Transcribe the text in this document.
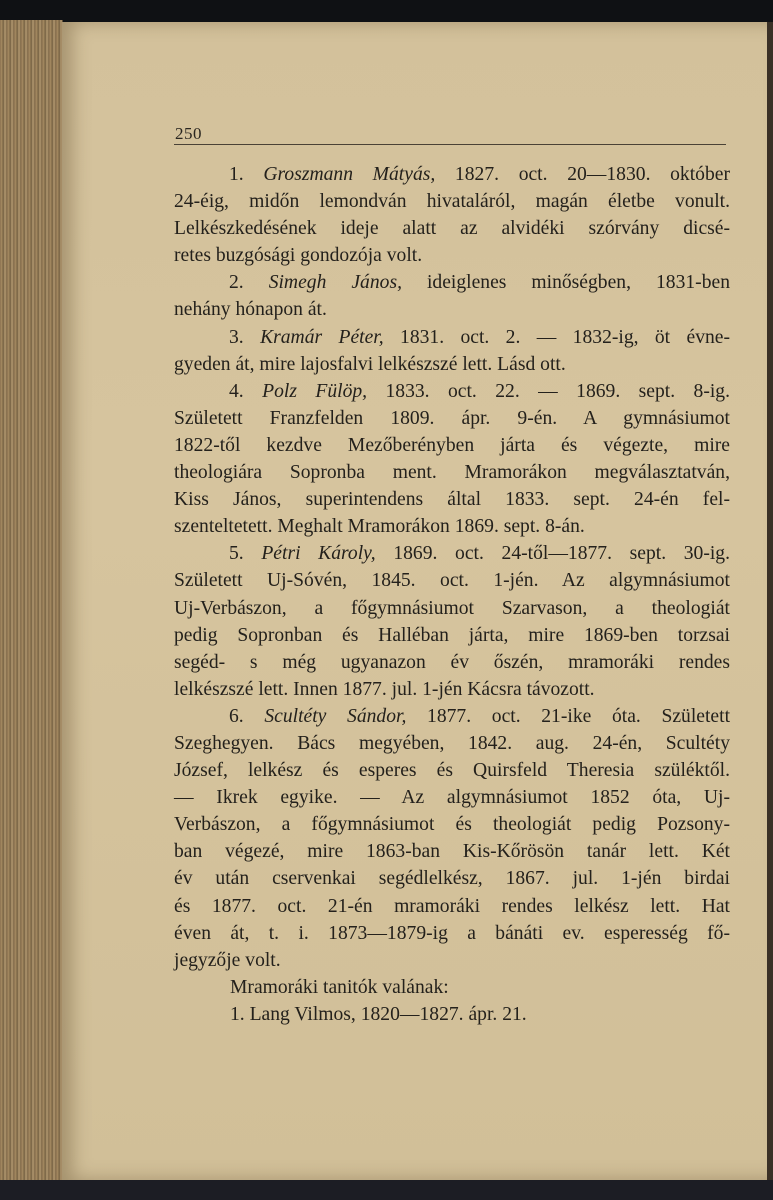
250
1. Groszmann Mátyás, 1827. oct. 20—1830. október
24-éig, midőn lemondván hivataláról, magán életbe vonult.
Lelkészkedésének ideje alatt az alvidéki szórvány dicsé-
retes buzgósági gondozója volt.
2. Simegh János, ideiglenes minőségben, 1831-ben
nehány hónapon át.
3. Kramár Péter, 1831. oct. 2. — 1832-ig, öt évne-
gyeden át, mire lajosfalvi lelkészszé lett. Lásd ott.
4. Polz Fülöp, 1833. oct. 22. — 1869. sept. 8-ig.
Született Franzfelden 1809. ápr. 9-én. A gymnásiumot
1822-től kezdve Mezőberényben járta és végezte, mire
theologiára Sopronba ment. Mramorákon megválasztatván,
Kiss János, superintendens által 1833. sept. 24-én fel-
szenteltetett. Meghalt Mramorákon 1869. sept. 8-án.
5. Pétri Károly, 1869. oct. 24-től—1877. sept. 30-ig.
Született Uj-Sóvén, 1845. oct. 1-jén. Az algymnásiumot
Uj-Verbászon, a főgymnásiumot Szarvason, a theologiát
pedig Sopronban és Halléban járta, mire 1869-ben torzsai
segéd- s még ugyanazon év őszén, mramoráki rendes
lelkészszé lett. Innen 1877. jul. 1-jén Kácsra távozott.
6. Scultéty Sándor, 1877. oct. 21-ike óta. Született
Szeghegyen. Bács megyében, 1842. aug. 24-én, Scultéty
József, lelkész és esperes és Quirsfeld Theresia szüléktől.
— Ikrek egyike. — Az algymnásiumot 1852 óta, Uj-
Verbászon, a főgymnásiumot és theologiát pedig Pozsony-
ban végezé, mire 1863-ban Kis-Kőrösön tanár lett. Két
év után cservenkai segédlelkész, 1867. jul. 1-jén birdai
és 1877. oct. 21-én mramoráki rendes lelkész lett. Hat
éven át, t. i. 1873—1879-ig a bánáti ev. esperesség fő-
jegyzője volt.
Mramoráki tanitók valának:
1. Lang Vilmos, 1820—1827. ápr. 21.
